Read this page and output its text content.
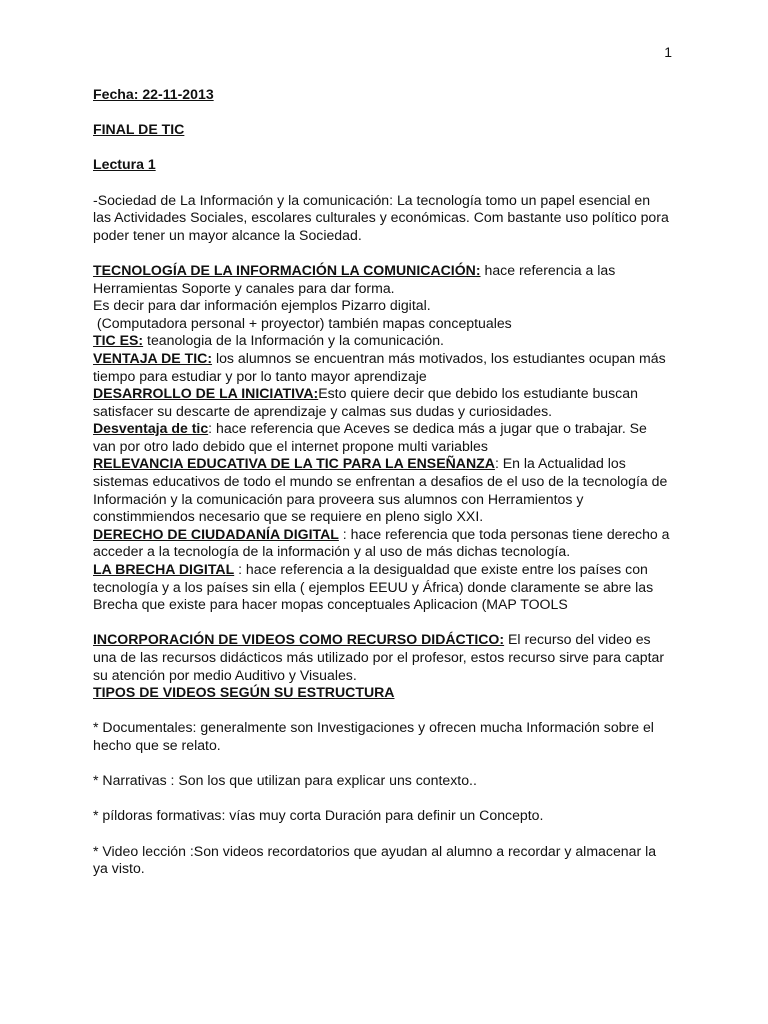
1

Fecha: 22-11-2013

FINAL DE TIC

Lectura 1

-Sociedad de La Información y la comunicación: La tecnología tomo un papel esencial en

las Actividades Sociales, escolares culturales y económicas. Com bastante uso político pora

poder tener un mayor alcance la Sociedad.

TECNOLOGÍA DE LA INFORMACIÓN LA COMUNICACIÓN: hace referencia a las

Herramientas Soporte y canales para dar forma.

Es decir para dar información ejemplos Pizarro digital.

(Computadora personal + proyector) también mapas conceptuales

TIC ES: teanologia de la Información y la comunicación.

VENTAJA DE TIC: los alumnos se encuentran más motivados, los estudiantes ocupan más

tiempo para estudiar y por lo tanto mayor aprendizaje

DESARROLLO DE LA INICIATIVA:Esto quiere decir que debido los estudiante buscan

satisfacer su descarte de aprendizaje y calmas sus dudas y curiosidades.

Desventaja de tic: hace referencia que Aceves se dedica más a jugar que o trabajar. Se

van por otro lado debido que el internet propone multi variables

RELEVANCIA EDUCATIVA DE LA TIC PARA LA ENSEÑANZA: En la Actualidad los

sistemas educativos de todo el mundo se enfrentan a desafios de el uso de la tecnología de

Información y la comunicación para proveera sus alumnos con Herramientos y

constimmiendos necesario que se requiere en pleno siglo XXI.

DERECHO DE CIUDADANÍA DIGITAL : hace referencia que toda personas tiene derecho a

acceder a la tecnología de la información y al uso de más dichas tecnología.

LA BRECHA DIGITAL : hace referencia a la desigualdad que existe entre los países con

tecnología y a los países sin ella ( ejemplos EEUU y África) donde claramente se abre las

Brecha que existe para hacer mopas conceptuales Aplicacion (MAP TOOLS

INCORPORACIÓN DE VIDEOS COMO RECURSO DIDÁCTICO: El recurso del video es

una de las recursos didácticos más utilizado por el profesor, estos recurso sirve para captar

su atención por medio Auditivo y Visuales.

TIPOS DE VIDEOS SEGÚN SU ESTRUCTURA

* Documentales: generalmente son Investigaciones y ofrecen mucha Información sobre el

hecho que se relato.

* Narrativas : Son los que utilizan para explicar uns contexto..

* píldoras formativas: vías muy corta Duración para definir un Concepto.

* Video lección :Son videos recordatorios que ayudan al alumno a recordar y almacenar la

ya visto.
